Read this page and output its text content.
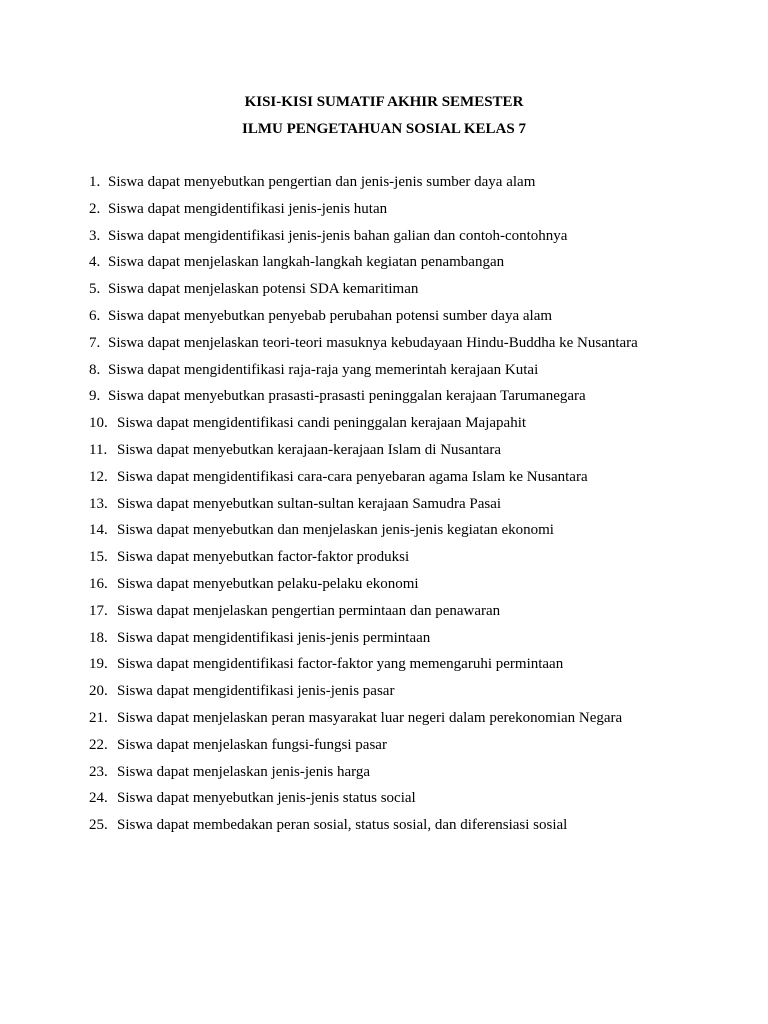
KISI-KISI SUMATIF AKHIR SEMESTER
ILMU PENGETAHUAN SOSIAL KELAS 7
1. Siswa dapat menyebutkan pengertian dan jenis-jenis sumber daya alam
2. Siswa dapat mengidentifikasi jenis-jenis hutan
3. Siswa dapat mengidentifikasi jenis-jenis bahan galian dan contoh-contohnya
4. Siswa dapat menjelaskan langkah-langkah kegiatan penambangan
5. Siswa dapat menjelaskan potensi SDA kemaritiman
6. Siswa dapat menyebutkan penyebab perubahan potensi sumber daya alam
7. Siswa dapat menjelaskan teori-teori masuknya kebudayaan Hindu-Buddha ke Nusantara
8. Siswa dapat mengidentifikasi raja-raja yang memerintah kerajaan Kutai
9. Siswa dapat menyebutkan prasasti-prasasti peninggalan kerajaan Tarumanegara
10. Siswa dapat mengidentifikasi candi peninggalan kerajaan Majapahit
11. Siswa dapat menyebutkan kerajaan-kerajaan Islam di Nusantara
12. Siswa dapat mengidentifikasi cara-cara penyebaran agama Islam ke Nusantara
13. Siswa dapat menyebutkan sultan-sultan kerajaan Samudra Pasai
14. Siswa dapat menyebutkan dan menjelaskan jenis-jenis kegiatan ekonomi
15. Siswa dapat menyebutkan factor-faktor produksi
16. Siswa dapat menyebutkan pelaku-pelaku ekonomi
17. Siswa dapat menjelaskan pengertian permintaan dan penawaran
18. Siswa dapat mengidentifikasi jenis-jenis permintaan
19. Siswa dapat mengidentifikasi factor-faktor yang memengaruhi permintaan
20. Siswa dapat mengidentifikasi jenis-jenis pasar
21. Siswa dapat menjelaskan peran masyarakat luar negeri dalam perekonomian Negara
22. Siswa dapat menjelaskan fungsi-fungsi pasar
23. Siswa dapat menjelaskan jenis-jenis harga
24. Siswa dapat menyebutkan jenis-jenis status social
25. Siswa dapat membedakan peran sosial, status sosial, dan diferensiasi sosial
